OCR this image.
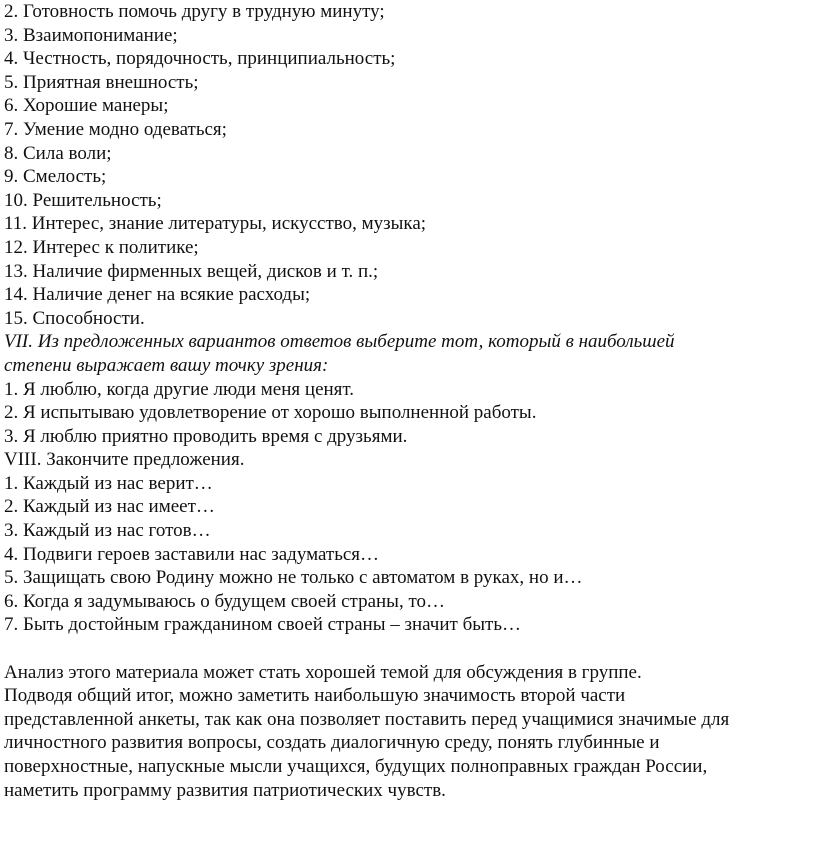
2. Готовность помочь другу в трудную минуту;
3. Взаимопонимание;
4. Честность, порядочность, принципиальность;
5. Приятная внешность;
6. Хорошие манеры;
7. Умение модно одеваться;
8. Сила воли;
9. Смелость;
10. Решительность;
11. Интерес, знание литературы, искусство, музыка;
12. Интерес к политике;
13. Наличие фирменных вещей, дисков и т. п.;
14. Наличие денег на всякие расходы;
15. Способности.
VII. Из предложенных вариантов ответов выберите тот, который в наибольшей
степени выражает вашу точку зрения:
1. Я люблю, когда другие люди меня ценят.
2. Я испытываю удовлетворение от хорошо выполненной работы.
3. Я люблю приятно проводить время с друзьями.
VIII. Закончите предложения.
1. Каждый из нас верит…
2. Каждый из нас имеет…
3. Каждый из нас готов…
4. Подвиги героев заставили нас задуматься…
5. Защищать свою Родину можно не только с автоматом в руках, но и…
6. Когда я задумываюсь о будущем своей страны, то…
7. Быть достойным гражданином своей страны – значит быть…
Анализ этого материала может стать хорошей темой для обсуждения в группе.
Подводя общий итог, можно заметить наибольшую значимость второй части
представленной анкеты, так как она позволяет поставить перед учащимися значимые для
личностного развития вопросы, создать диалогичную среду, понять глубинные и
поверхностные, напускные мысли учащихся, будущих полноправных граждан России,
наметить программу развития патриотических чувств.
